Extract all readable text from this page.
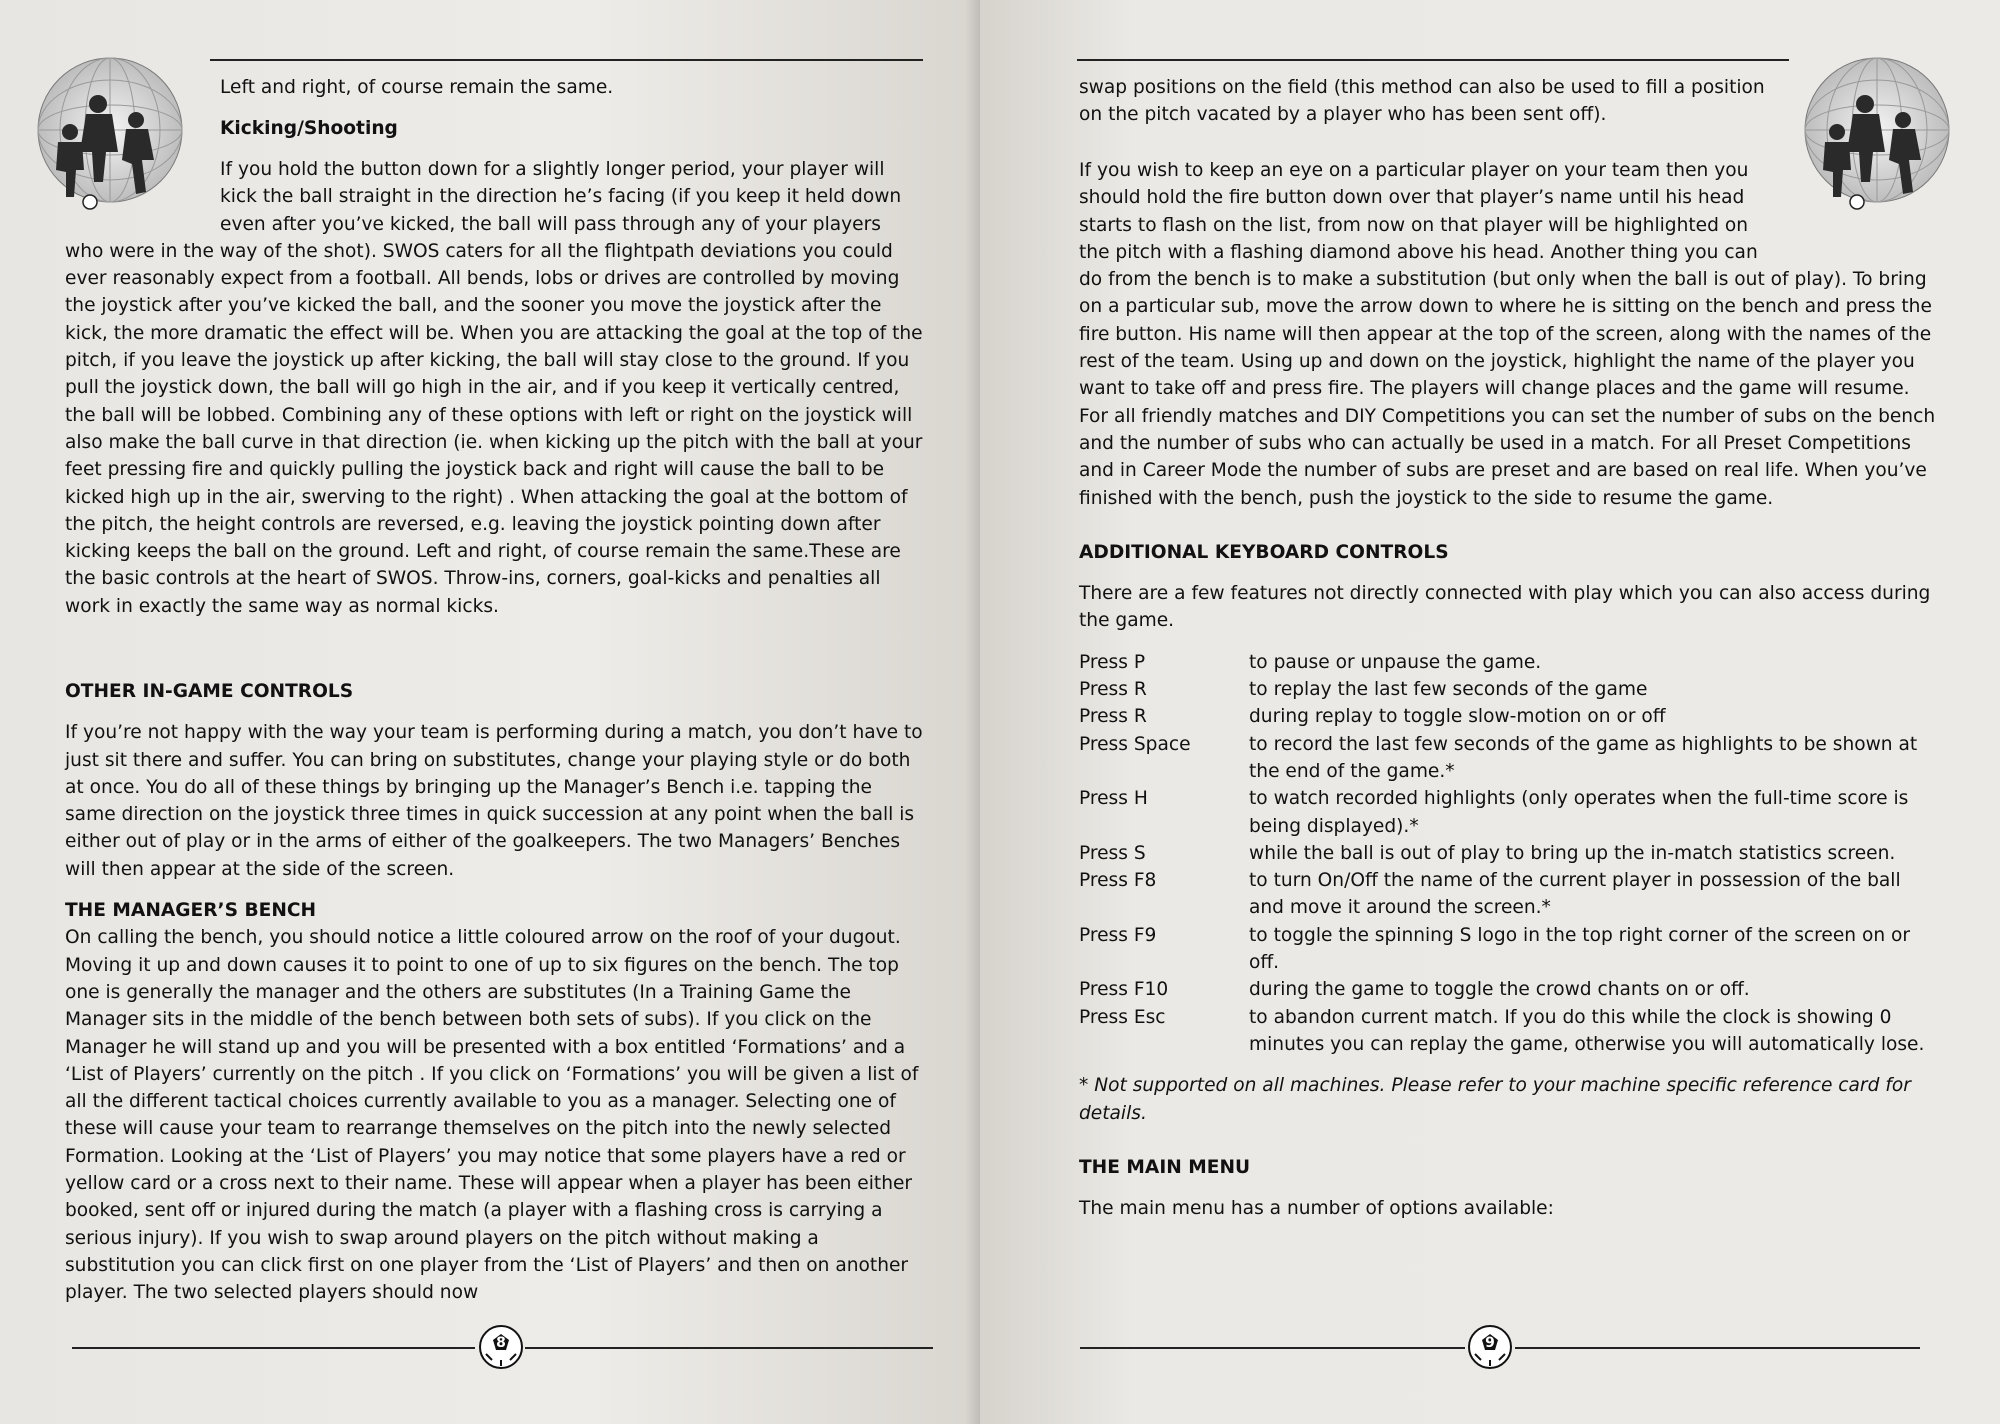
Left and right, of course remain the same.

Kicking/Shooting

If you hold the button down for a slightly longer period, your player will kick the ball straight in the direction he’s facing (if you keep it held down even after you’ve kicked, the ball will pass through any of your players who were in the way of the shot). SWOS caters for all the flightpath deviations you could ever reasonably expect from a football. All bends, lobs or drives are controlled by moving the joystick after you’ve kicked the ball, and the sooner you move the joystick after the kick, the more dramatic the effect will be. When you are attacking the goal at the top of the pitch, if you leave the joystick up after kicking, the ball will stay close to the ground. If you pull the joystick down, the ball will go high in the air, and if you keep it vertically centred, the ball will be lobbed. Combining any of these options with left or right on the joystick will also make the ball curve in that direction (ie. when kicking up the pitch with the ball at your feet pressing fire and quickly pulling the joystick back and right will cause the ball to be kicked high up in the air, swerving to the right) . When attacking the goal at the bottom of the pitch, the height controls are reversed, e.g. leaving the joystick pointing down after kicking keeps the ball on the ground. Left and right, of course remain the same.These are the basic controls at the heart of SWOS. Throw-ins, corners, goal-kicks and penalties all work in exactly the same way as normal kicks.

OTHER IN-GAME CONTROLS

If you’re not happy with the way your team is performing during a match, you don’t have to just sit there and suffer. You can bring on substitutes, change your playing style or do both at once. You do all of these things by bringing up the Manager’s Bench i.e. tapping the same direction on the joystick three times in quick succession at any point when the ball is either out of play or in the arms of either of the goalkeepers. The two Managers’ Benches will then appear at the side of the screen.

THE MANAGER’S BENCH

On calling the bench, you should notice a little coloured arrow on the roof of your dugout. Moving it up and down causes it to point to one of up to six figures on the bench. The top one is generally the manager and the others are substitutes (In a Training Game the Manager sits in the middle of the bench between both sets of subs). If you click on the Manager he will stand up and you will be presented with a box entitled ‘Formations’ and a ‘List of Players’ currently on the pitch . If you click on ‘Formations’ you will be given a list of all the different tactical choices currently available to you as a manager. Selecting one of these will cause your team to rearrange themselves on the pitch into the newly selected Formation. Looking at the ‘List of Players’ you may notice that some players have a red or yellow card or a cross next to their name. These will appear when a player has been either booked, sent off or injured during the match (a player with a flashing cross is carrying a serious injury). If you wish to swap around players on the pitch without making a substitution you can click first on one player from the ‘List of Players’ and then on another player. The two selected players should now

8

swap positions on the field (this method can also be used to fill a position on the pitch vacated by a player who has been sent off).

If you wish to keep an eye on a particular player on your team then you should hold the fire button down over that player’s name until his head starts to flash on the list, from now on that player will be highlighted on the pitch with a flashing diamond above his head. Another thing you can do from the bench is to make a substitution (but only when the ball is out of play). To bring on a particular sub, move the arrow down to where he is sitting on the bench and press the fire button. His name will then appear at the top of the screen, along with the names of the rest of the team. Using up and down on the joystick, highlight the name of the player you want to take off and press fire. The players will change places and the game will resume. For all friendly matches and DIY Competitions you can set the number of subs on the bench and the number of subs who can actually be used in a match. For all Preset Competitions and in Career Mode the number of subs are preset and are based on real life. When you’ve finished with the bench, push the joystick to the side to resume the game.

ADDITIONAL KEYBOARD CONTROLS

There are a few features not directly connected with play which you can also access during the game.

Press P	to pause or unpause the game.
Press R	to replay the last few seconds of the game
Press R	during replay to toggle slow-motion on or off
Press Space	to record the last few seconds of the game as highlights to be shown at the end of the game.*
Press H	to watch recorded highlights (only operates when the full-time score is being displayed).*
Press S	while the ball is out of play to bring up the in-match statistics screen.
Press F8	to turn On/Off the name of the current player in possession of the ball and move it around the screen.*
Press F9	to toggle the spinning S logo in the top right corner of the screen on or off.
Press F10	during the game to toggle the crowd chants on or off.
Press Esc	to abandon current match. If you do this while the clock is showing 0 minutes you can replay the game, otherwise you will automatically lose.

* Not supported on all machines. Please refer to your machine specific reference card for details.

THE MAIN MENU

The main menu has a number of options available:

9
